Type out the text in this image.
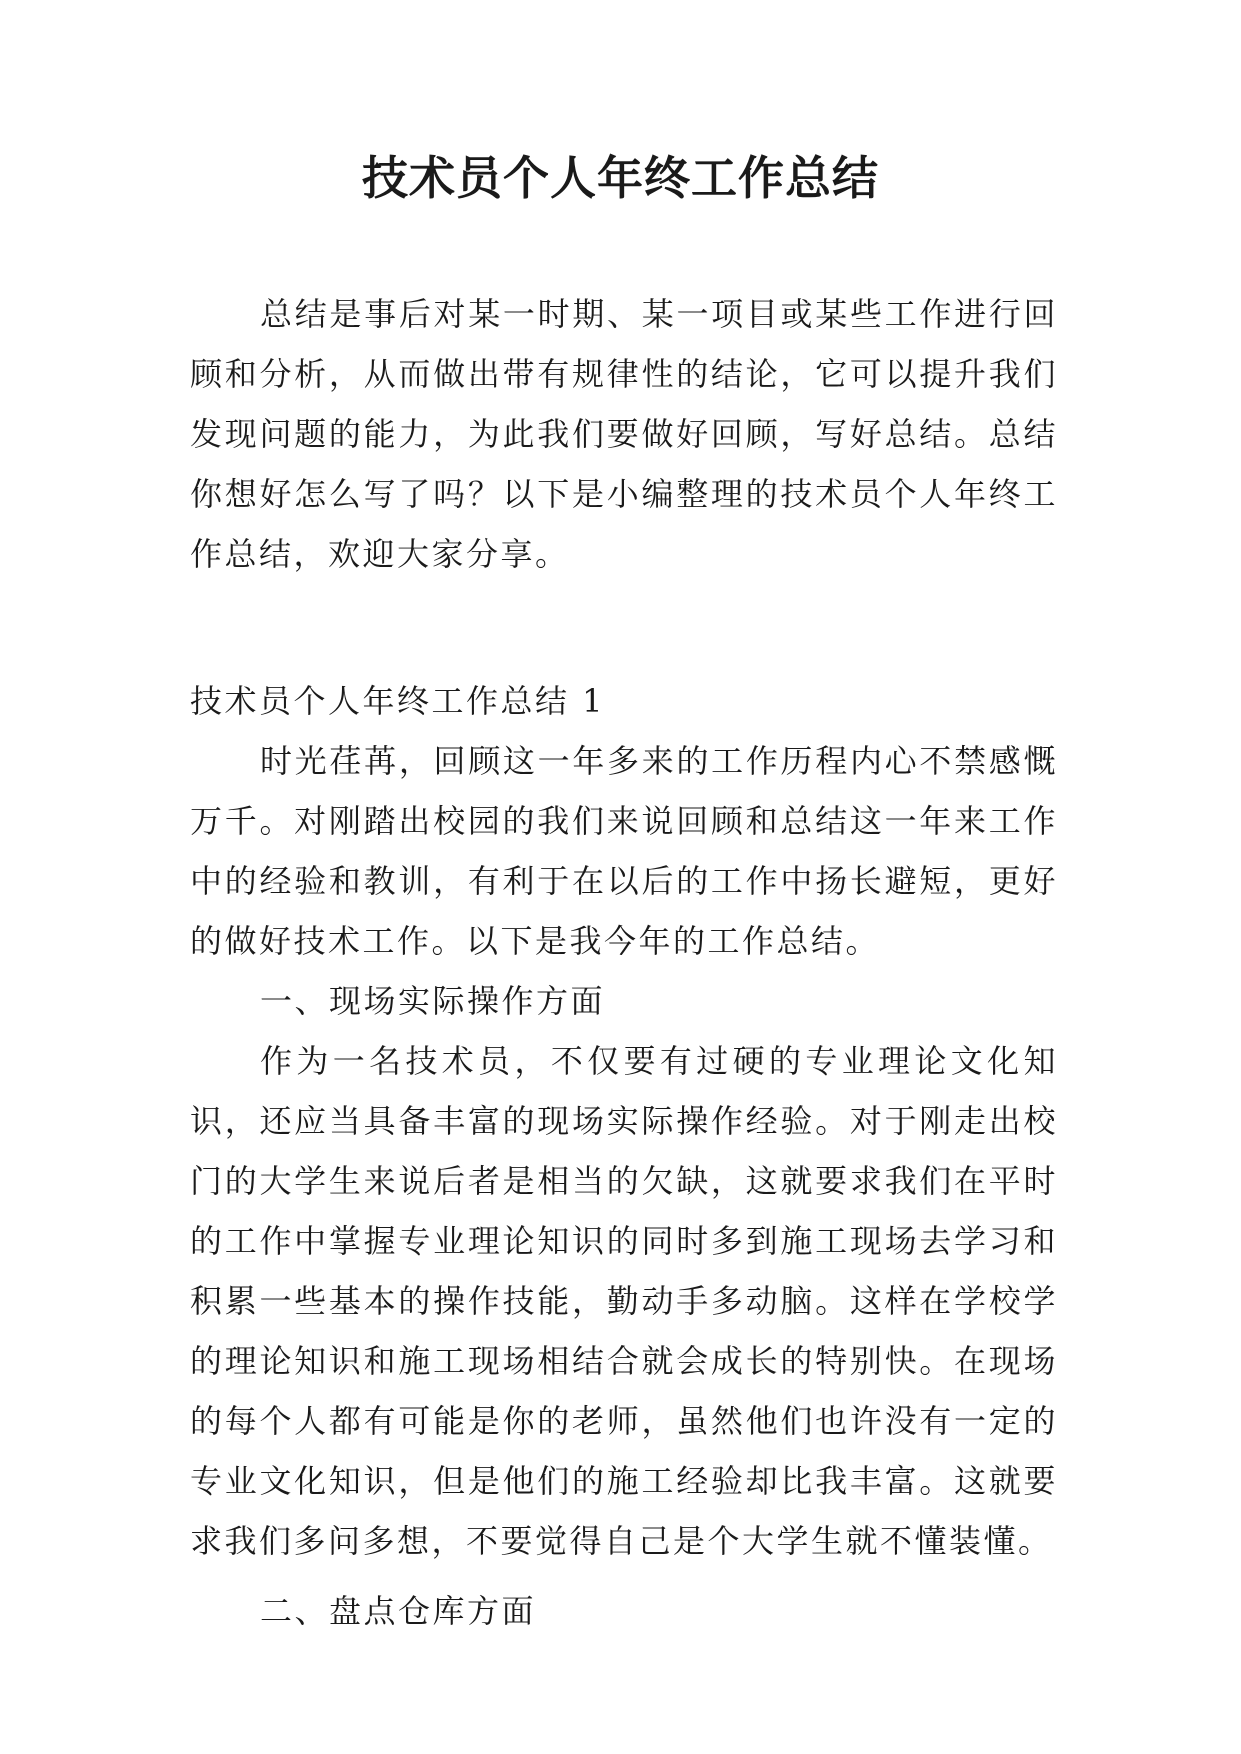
技术员个人年终工作总结

总结是事后对某一时期、某一项目或某些工作进行回顾和分析，从而做出带有规律性的结论，它可以提升我们发现问题的能力，为此我们要做好回顾，写好总结。总结你想好怎么写了吗？以下是小编整理的技术员个人年终工作总结，欢迎大家分享。

技术员个人年终工作总结 1

时光荏苒，回顾这一年多来的工作历程内心不禁感慨万千。对刚踏出校园的我们来说回顾和总结这一年来工作中的经验和教训，有利于在以后的工作中扬长避短，更好的做好技术工作。以下是我今年的工作总结。

一、现场实际操作方面

作为一名技术员，不仅要有过硬的专业理论文化知识，还应当具备丰富的现场实际操作经验。对于刚走出校门的大学生来说后者是相当的欠缺，这就要求我们在平时的工作中掌握专业理论知识的同时多到施工现场去学习和积累一些基本的操作技能，勤动手多动脑。这样在学校学的理论知识和施工现场相结合就会成长的特别快。在现场的每个人都有可能是你的老师，虽然他们也许没有一定的专业文化知识，但是他们的施工经验却比我丰富。这就要求我们多问多想，不要觉得自己是个大学生就不懂装懂。

二、盘点仓库方面
